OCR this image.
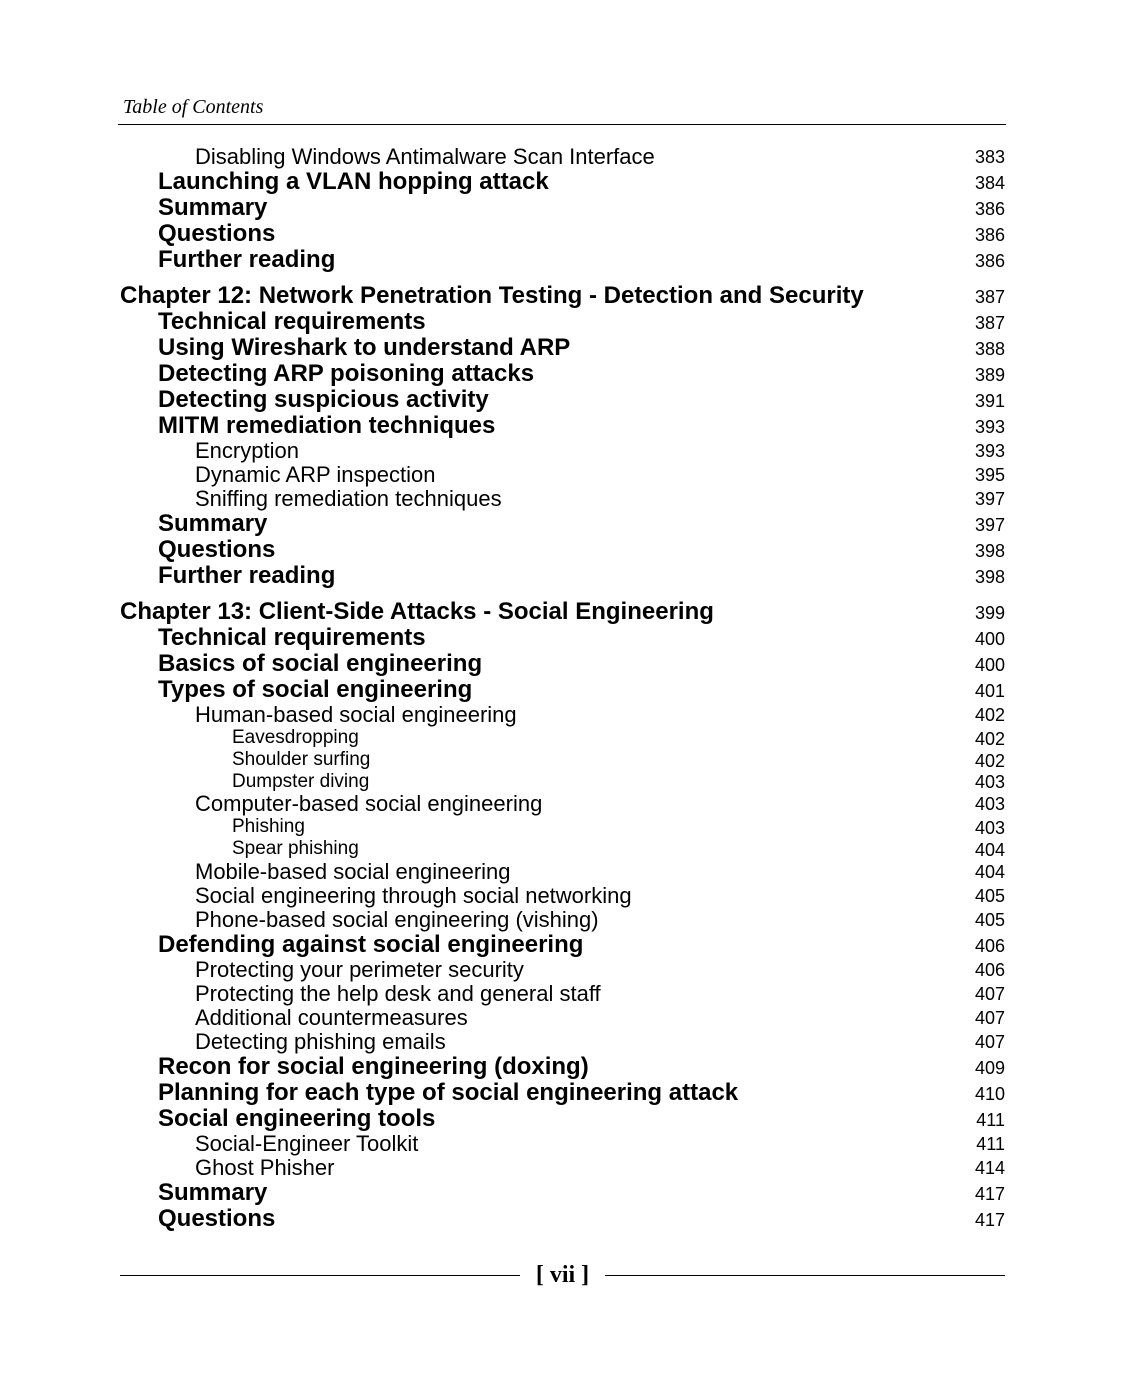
Table of Contents
Disabling Windows Antimalware Scan Interface	383
Launching a VLAN hopping attack	384
Summary	386
Questions	386
Further reading	386
Chapter 12: Network Penetration Testing - Detection and Security	387
Technical requirements	387
Using Wireshark to understand ARP	388
Detecting ARP poisoning attacks	389
Detecting suspicious activity	391
MITM remediation techniques	393
Encryption	393
Dynamic ARP inspection	395
Sniffing remediation techniques	397
Summary	397
Questions	398
Further reading	398
Chapter 13: Client-Side Attacks - Social Engineering	399
Technical requirements	400
Basics of social engineering	400
Types of social engineering	401
Human-based social engineering	402
Eavesdropping	402
Shoulder surfing	402
Dumpster diving	403
Computer-based social engineering	403
Phishing	403
Spear phishing	404
Mobile-based social engineering	404
Social engineering through social networking	405
Phone-based social engineering (vishing)	405
Defending against social engineering	406
Protecting your perimeter security	406
Protecting the help desk and general staff	407
Additional countermeasures	407
Detecting phishing emails	407
Recon for social engineering (doxing)	409
Planning for each type of social engineering attack	410
Social engineering tools	411
Social-Engineer Toolkit	411
Ghost Phisher	414
Summary	417
Questions	417
[ vii ]
